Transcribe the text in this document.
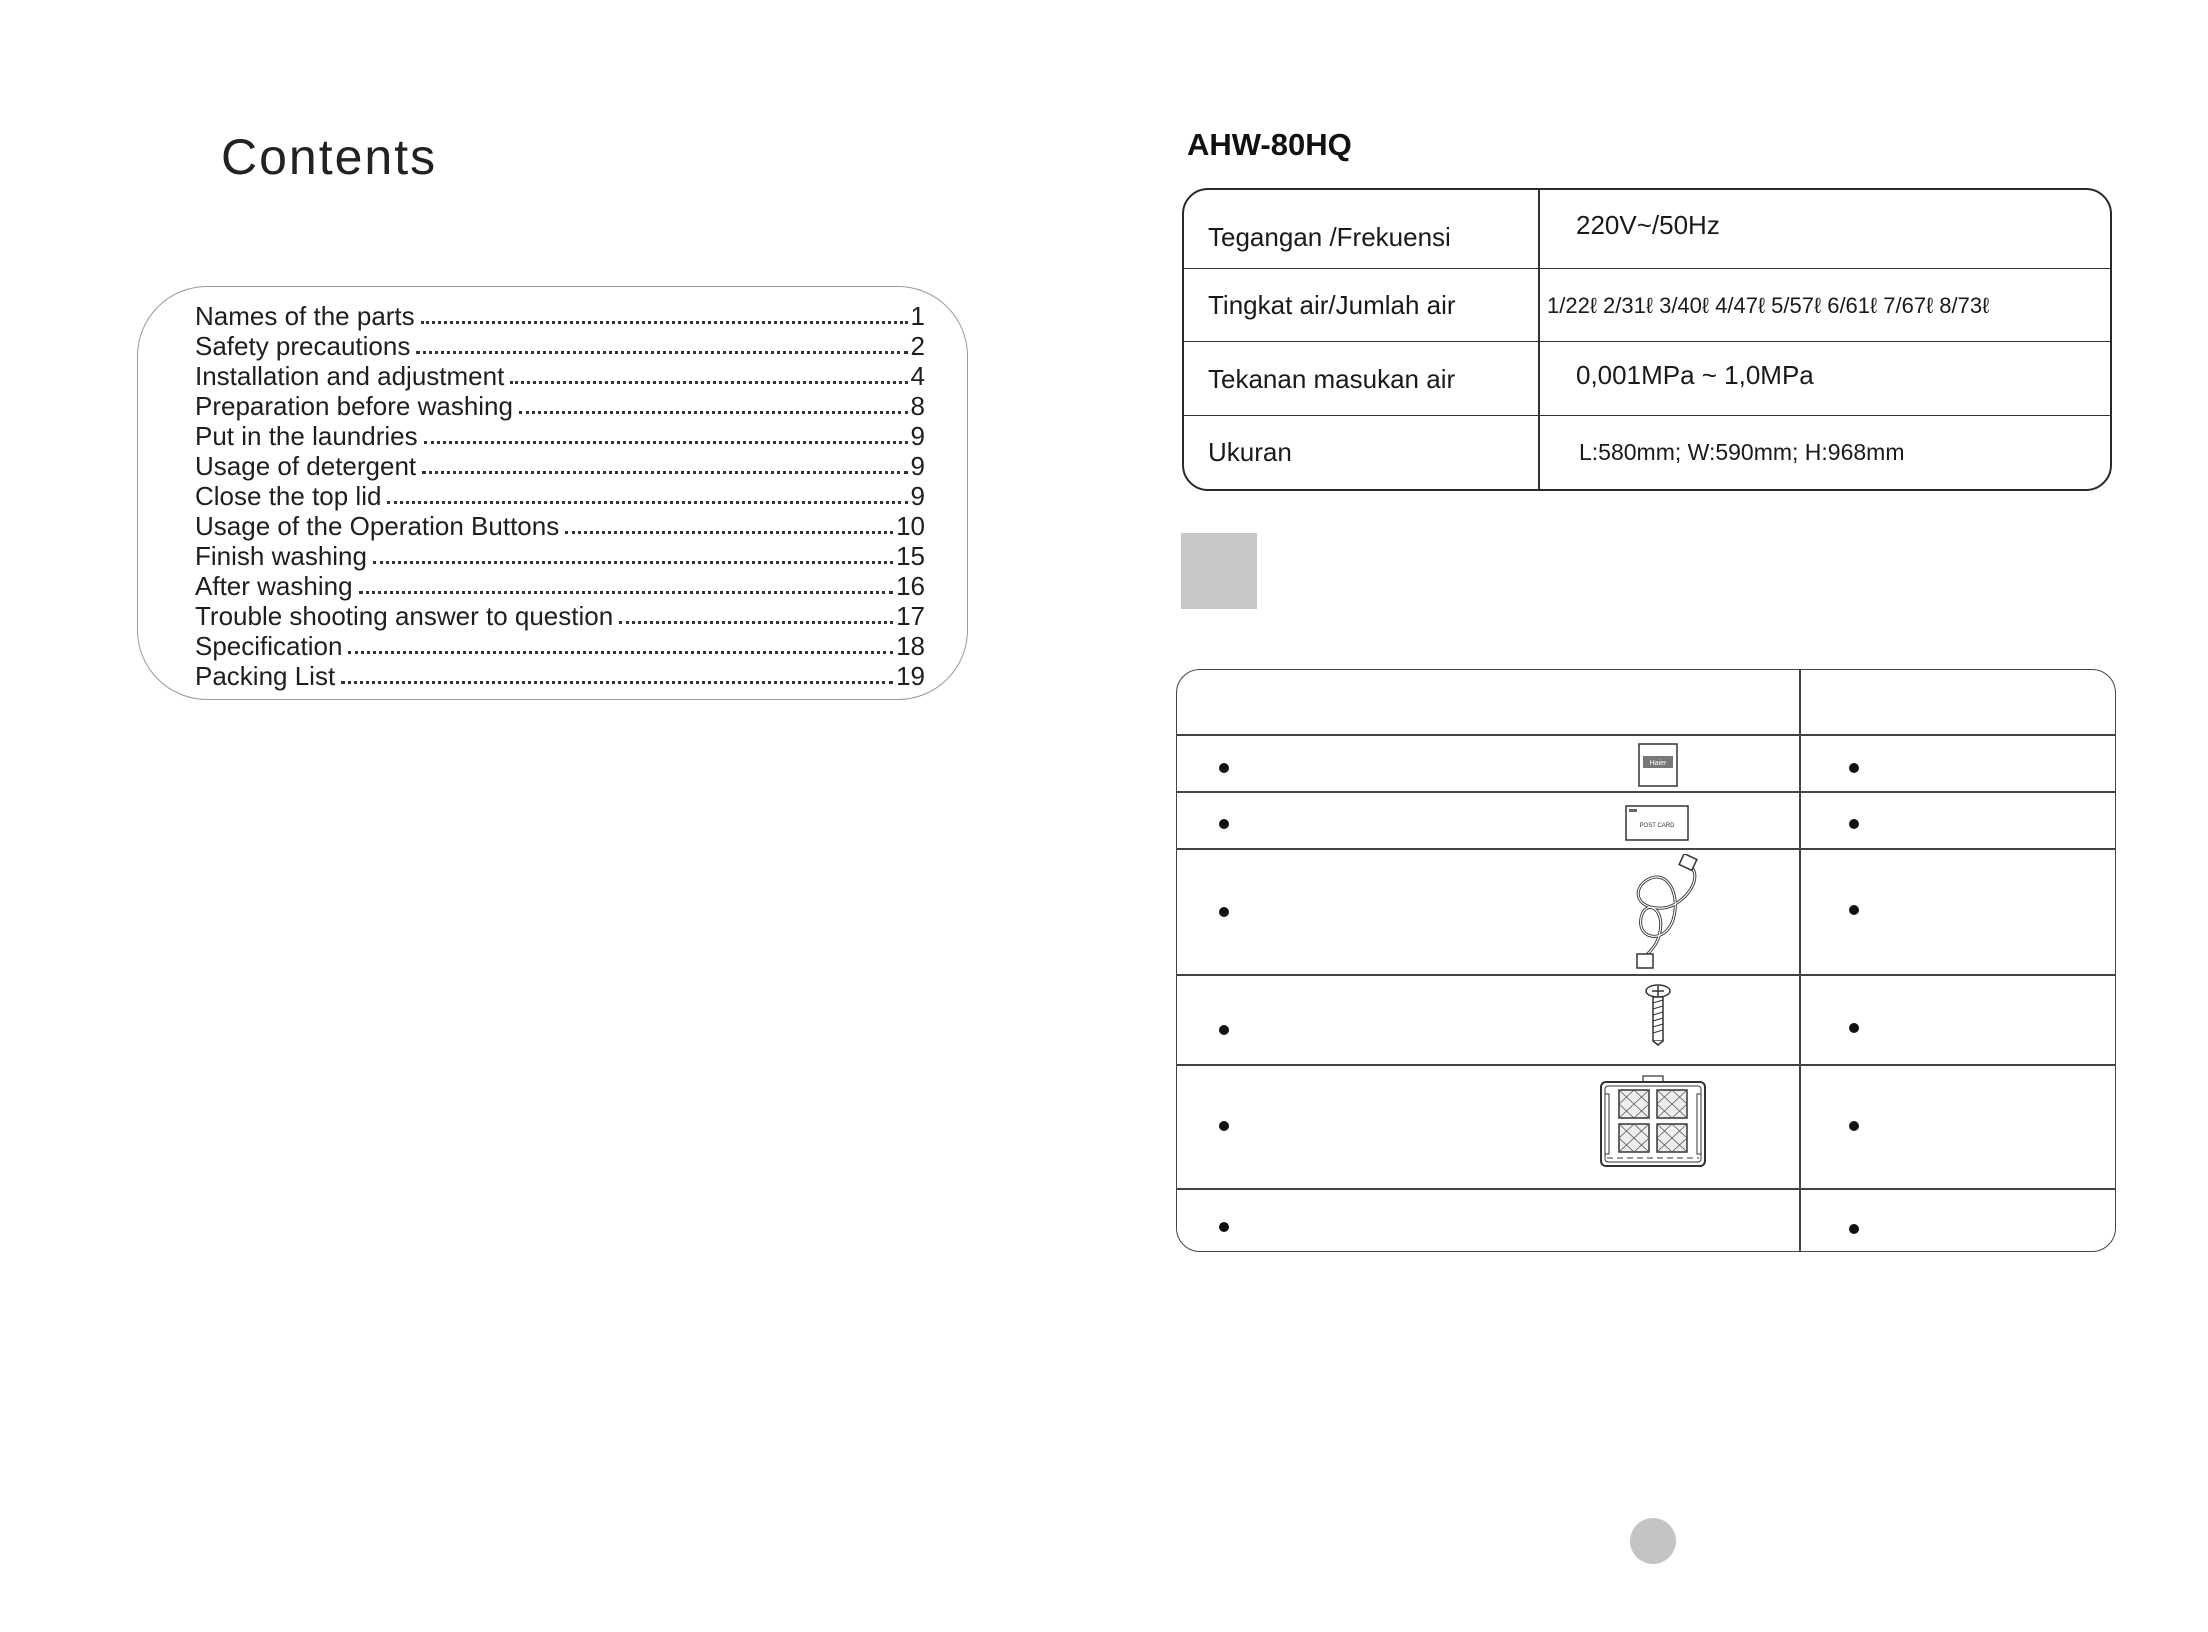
Contents
Names of the parts	1
Safety precautions	2
Installation and adjustment	4
Preparation before washing	8
Put in the laundries	9
Usage of detergent	9
Close the top lid	9
Usage of the Operation Buttons	10
Finish washing	15
After washing	16
Trouble shooting answer to question	17
Specification	18
Packing List	19
AHW-80HQ
Tegangan /Frekuensi	220V~/50Hz
Tingkat air/Jumlah air	1/22ℓ 2/31ℓ 3/40ℓ 4/47ℓ 5/57ℓ 6/61ℓ 7/67ℓ 8/73ℓ
Tekanan masukan air	0,001MPa ~ 1,0MPa
Ukuran	L:580mm; W:590mm; H:968mm
Haier
POST CARD
